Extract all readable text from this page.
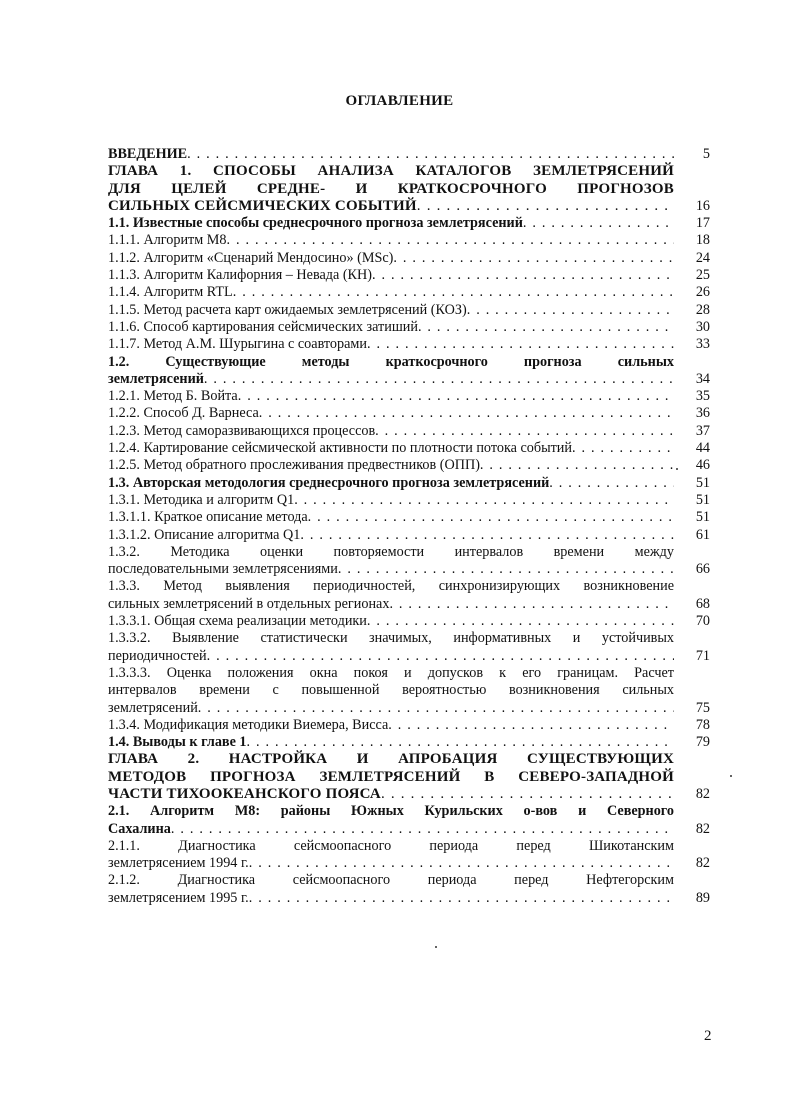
ОГЛАВЛЕНИЕ
ВВЕДЕНИЕ . . .	5
ГЛАВА 1. СПОСОБЫ АНАЛИЗА КАТАЛОГОВ ЗЕМЛЕТРЯСЕНИЙ
ДЛЯ ЦЕЛЕЙ СРЕДНЕ- И КРАТКОСРОЧНОГО ПРОГНОЗОВ
СИЛЬНЫХ СЕЙСМИЧЕСКИХ СОБЫТИЙ . . .	16
1.1. Известные способы среднесрочного прогноза землетрясений . . .	17
1.1.1. Алгоритм М8 . . .	18
1.1.2. Алгоритм «Сценарий Мендосино» (MSc) . . .	24
1.1.3. Алгоритм Калифорния – Невада (КН) . . .	25
1.1.4. Алгоритм RTL . . .	26
1.1.5. Метод расчета карт ожидаемых землетрясений (КОЗ) . . .	28
1.1.6. Способ картирования сейсмических затиший . . .	30
1.1.7. Метод А.М. Шурыгина с соавторами . . .	33
1.2. Существующие методы краткосрочного прогноза сильных
землетрясений . . .	34
1.2.1. Метод Б. Войта . . .	35
1.2.2. Способ Д. Варнеса . . .	36
1.2.3. Метод саморазвивающихся процессов . . .	37
1.2.4. Картирование сейсмической активности по плотности потока событий . . .	44
1.2.5. Метод обратного прослеживания предвестников (ОПП) . . .	46
1.3. Авторская методология среднесрочного прогноза землетрясений . . .	51
1.3.1. Методика и алгоритм Q1 . . .	51
1.3.1.1. Краткое описание метода . . .	51
1.3.1.2. Описание алгоритма Q1 . . .	61
1.3.2. Методика оценки повторяемости интервалов времени между
последовательными землетрясениями . . .	66
1.3.3. Метод выявления периодичностей, синхронизирующих возникновение
сильных землетрясений в отдельных регионах . . .	68
1.3.3.1. Общая схема реализации методики . . .	70
1.3.3.2. Выявление статистически значимых, информативных и устойчивых
периодичностей . . .	71
1.3.3.3. Оценка положения окна покоя и допусков к его границам. Расчет
интервалов времени с повышенной вероятностью возникновения сильных
землетрясений . . .	75
1.3.4. Модификация методики Виемера, Висса . . .	78
1.4. Выводы к главе 1 . . .	79
ГЛАВА 2. НАСТРОЙКА И АПРОБАЦИЯ СУЩЕСТВУЮЩИХ
МЕТОДОВ ПРОГНОЗА ЗЕМЛЕТРЯСЕНИЙ В СЕВЕРО-ЗАПАДНОЙ
ЧАСТИ ТИХООКЕАНСКОГО ПОЯСА . . .	82
2.1. Алгоритм M8: районы Южных Курильских о-вов и Северного
Сахалина . . .	82
2.1.1. Диагностика сейсмоопасного периода перед Шикотанским
землетрясением 1994 г. . . .	82
2.1.2. Диагностика сейсмоопасного периода перед Нефтегорским
землетрясением 1995 г. . . .	89
2
